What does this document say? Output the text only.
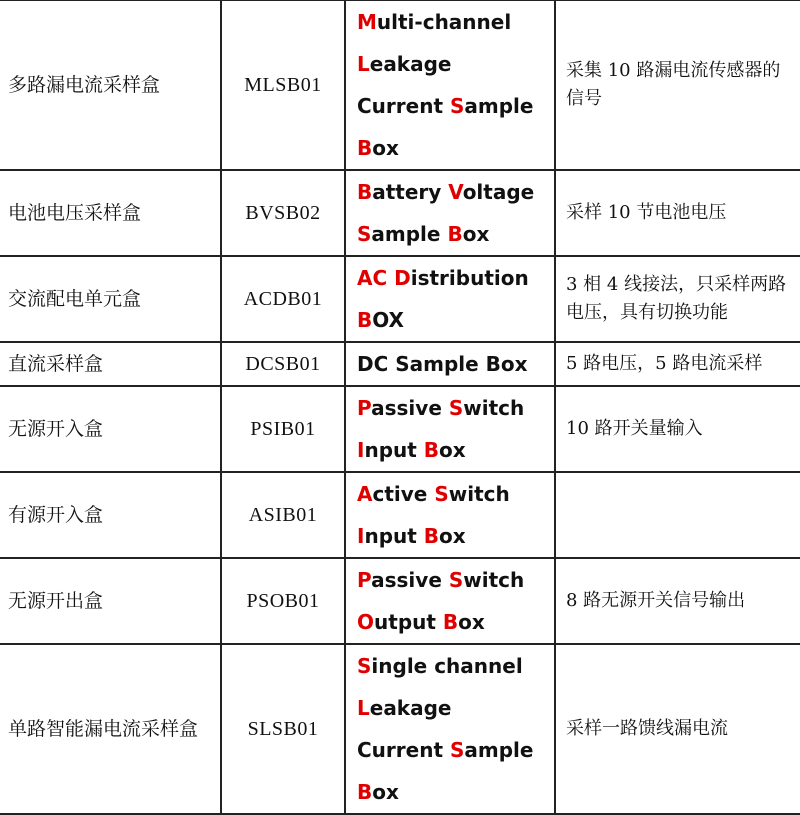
多路漏电流采样盒	MLSB01	Multi-channel
Leakage
Current Sample
Box	采集 10 路漏电流传感器的信号
电池电压采样盒	BVSB02	Battery Voltage
Sample Box	采样 10 节电池电压
交流配电单元盒	ACDB01	AC Distribution
BOX	3 相 4 线接法，只采样两路电压，具有切换功能
直流采样盒	DCSB01	DC Sample Box	5 路电压，5 路电流采样
无源开入盒	PSIB01	Passive Switch
Input Box	10 路开关量输入
有源开入盒	ASIB01	Active Switch
Input Box	

无源开出盒	PSOB01	Passive Switch
Output Box	8 路无源开关信号输出
单路智能漏电流采样盒	SLSB01	Single channel
Leakage
Current Sample
Box	采样一路馈线漏电流
